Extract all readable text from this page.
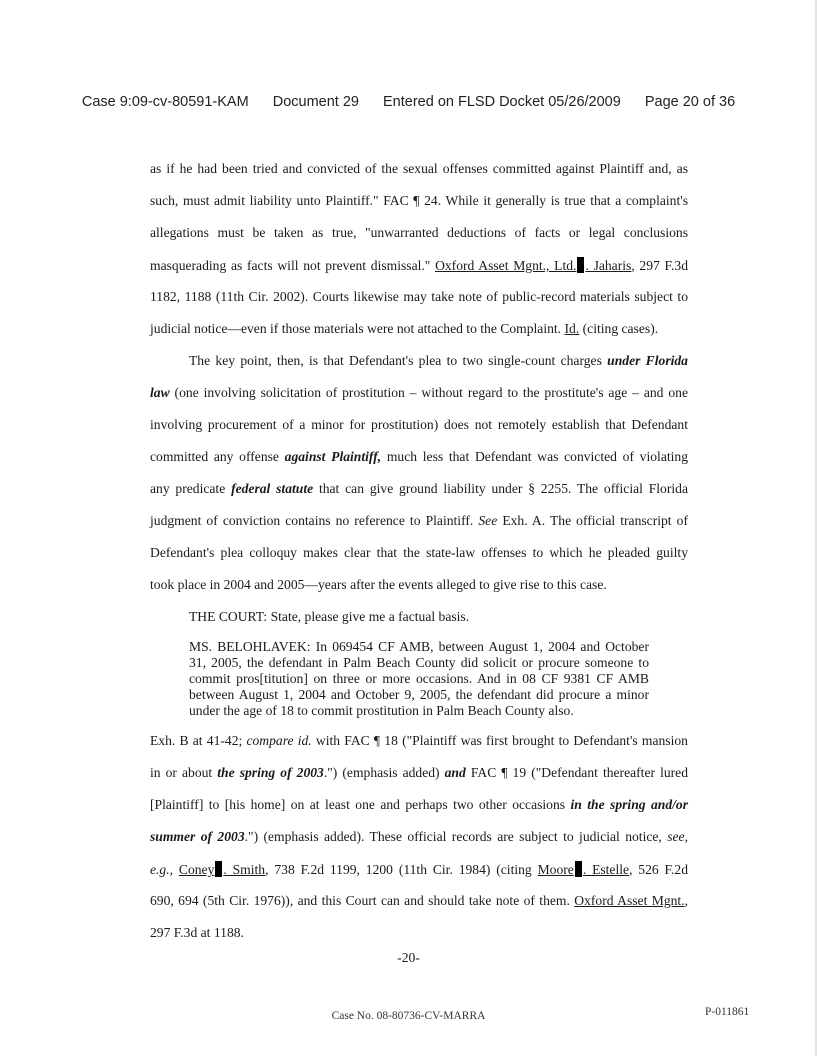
Case 9:09-cv-80591-KAM Document 29 Entered on FLSD Docket 05/26/2009 Page 20 of 36
as if he had been tried and convicted of the sexual offenses committed against Plaintiff and, as
such, must admit liability unto Plaintiff." FAC ¶ 24. While it generally is true that a complaint's
allegations must be taken as true, "unwarranted deductions of facts or legal conclusions
masquerading as facts will not prevent dismissal." Oxford Asset Mgnt., Ltd. . Jaharis, 297 F.3d
1182, 1188 (11th Cir. 2002). Courts likewise may take note of public-record materials subject to
judicial notice—even if those materials were not attached to the Complaint. Id. (citing cases).
The key point, then, is that Defendant's plea to two single-count charges under Florida
law (one involving solicitation of prostitution – without regard to the prostitute's age – and one
involving procurement of a minor for prostitution) does not remotely establish that Defendant
committed any offense against Plaintiff, much less that Defendant was convicted of violating
any predicate federal statute that can give ground liability under § 2255. The official Florida
judgment of conviction contains no reference to Plaintiff. See Exh. A. The official transcript of
Defendant's plea colloquy makes clear that the state-law offenses to which he pleaded guilty
took place in 2004 and 2005—years after the events alleged to give rise to this case.
THE COURT: State, please give me a factual basis.
MS. BELOHLAVEK: In 069454 CF AMB, between August 1, 2004 and October
31, 2005, the defendant in Palm Beach County did solicit or procure someone to
commit pros[titution] on three or more occasions. And in 08 CF 9381 CF AMB
between August 1, 2004 and October 9, 2005, the defendant did procure a minor
under the age of 18 to commit prostitution in Palm Beach County also.
Exh. B at 41-42; compare id. with FAC ¶ 18 ("Plaintiff was first brought to Defendant's mansion
in or about the spring of 2003.") (emphasis added) and FAC ¶ 19 ("Defendant thereafter lured
[Plaintiff] to [his home] on at least one and perhaps two other occasions in the spring and/or
summer of 2003.") (emphasis added). These official records are subject to judicial notice, see,
e.g., Coney . Smith, 738 F.2d 1199, 1200 (11th Cir. 1984) (citing Moore . Estelle, 526 F.2d
690, 694 (5th Cir. 1976)), and this Court can and should take note of them. Oxford Asset Mgnt.,
297 F.3d at 1188.
-20-
Case No. 08-80736-CV-MARRA	P-011861
